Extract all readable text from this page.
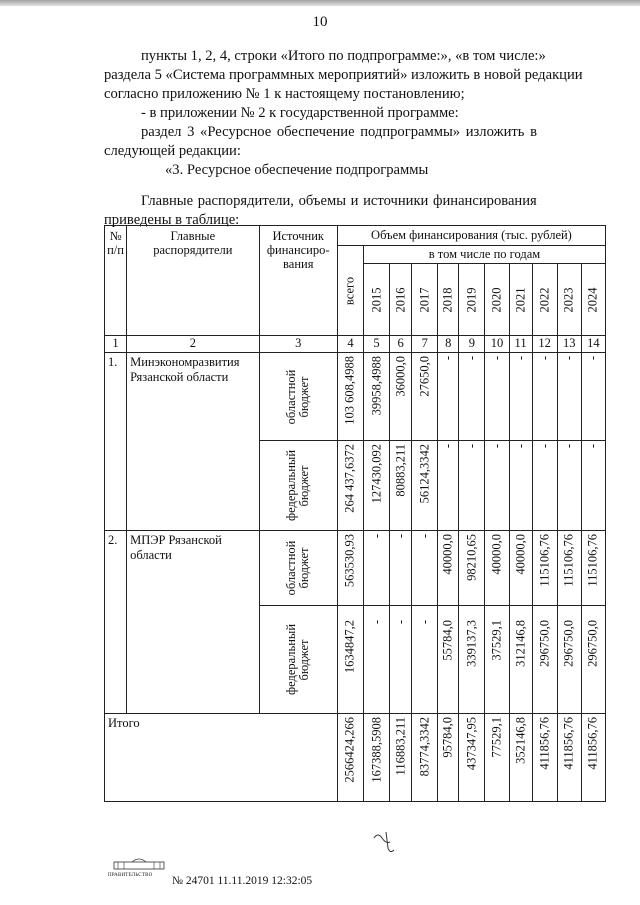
10
пункты 1, 2, 4, строки «Итого по подпрограмме:», «в том числе:»
раздела 5 «Система программных мероприятий» изложить в новой редакции
согласно приложению № 1 к настоящему постановлению;
- в приложении № 2 к государственной программе:
раздел 3 «Ресурсное обеспечение подпрограммы» изложить в
следующей редакции:
«3. Ресурсное обеспечение подпрограммы
Главные распорядители, объемы и источники финансирования
приведены в таблице:
№
п/п	Главные
распорядители	Источник
финансиро-
вания	Объем финансирования (тыс. рублей)										

			всего	в том числе по годам									

				2015	2016	2017	2018	2019	2020	2021	2022	2023	2024

1	2	3	4	5	6	7	8	9	10	11	12	13	14
1.	Минэкономразвития Рязанской области	областной бюджет	103 608,4988	39958,4988	36000,0	27650,0	-	-	-	-	-	-	-

		федеральный бюджет	264 437,6372	127430,092	80883,211	56124,3342	-	-	-	-	-	-	-

2.	МПЭР Рязанской области	областной бюджет	563530,93	-	-	-	40000,0	98210,65	40000,0	40000,0	115106,76	115106,76	115106,76

		федеральный бюджет	1634847,2	-	-	-	55784,0	339137,3	37529,1	312146,8	296750,0	296750,0	296750,0

Итого			2566424,266	167388,5908	116883,211	83774,3342	95784,0	437347,95	77529,1	352146,8	411856,76	411856,76	411856,76
ПРАВИТЕЛЬСТВО № 24701 11.11.2019 12:32:05
